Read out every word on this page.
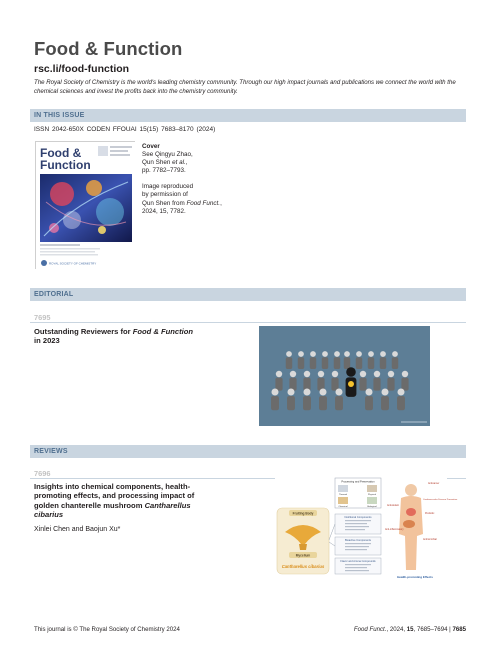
Food & Function
rsc.li/food-function
The Royal Society of Chemistry is the world's leading chemistry community. Through our high impact journals and publications we connect the world with the chemical sciences and invest the profits back into the chemistry community.
IN THIS ISSUE
ISSN 2042-650X CODEN FFOUAI 15(15) 7683–8170 (2024)
Food &
Function
ROYAL SOCIETY OF CHEMISTRY
Cover
See Qingyu Zhao,
Qun Shen et al.,
pp. 7782–7793.
Image reproduced
by permission of
Qun Shen from Food Funct.,
2024, 15, 7782.
EDITORIAL
7695
Outstanding Reviewers for Food & Function
in 2023
REVIEWS
7696
Insights into chemical components, health-
promoting effects, and processing impact of
golden chanterelle mushroom Cantharellus
cibarius
Xinlei Chen and Baojun Xu*
Fruiting Body
Mycelium
Cantharellus cibarius
Processing and Preservation
Thermal	Physical
Chemical	Biological
Nutritional Components
Bioactive Components
Flavor and Aroma Compounds
Anticancer
Antioxidant
Cardiovascular Disease Prevention
Prebiotic
Anti-inflammatory
Antimicrobial
Health-promoting Effects
This journal is © The Royal Society of Chemistry 2024	Food Funct., 2024, 15, 7685–7694 | 7685
